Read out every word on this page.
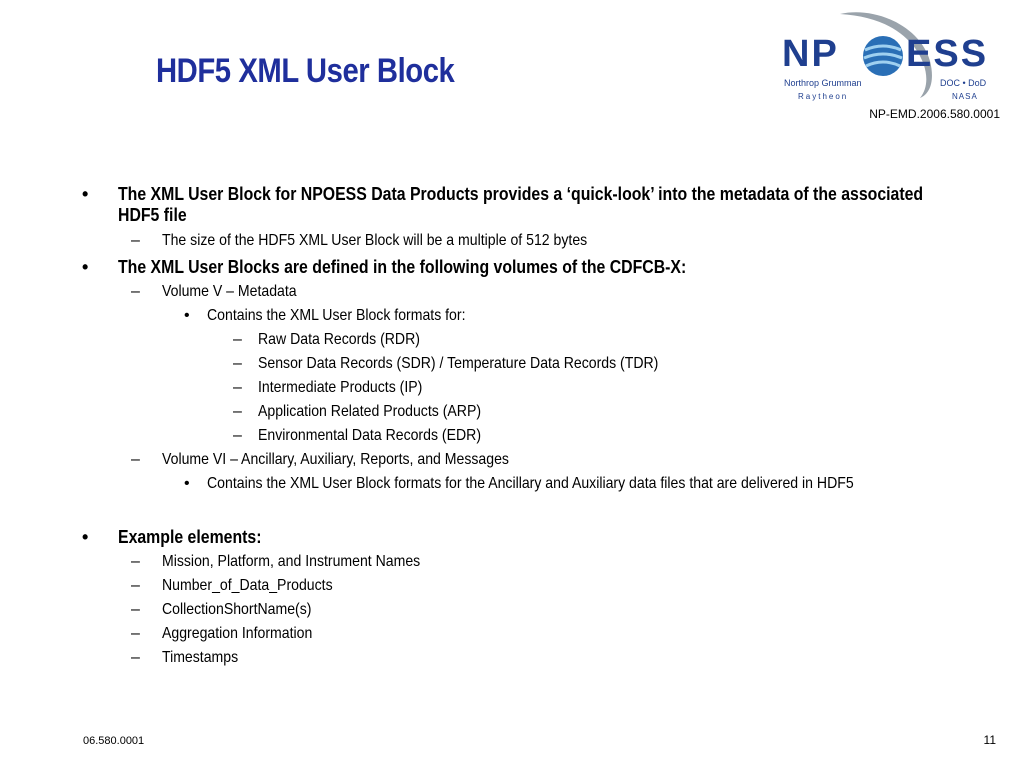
HDF5 XML User Block	NP ESS
Northrop Grumman
Raytheon
DOC • DoD
NASA
NP-EMD.2006.580.0001
• The XML User Block for NPOESS Data Products provides a ‘quick-look’ into the metadata of the associated HDF5 file
– The size of the HDF5 XML User Block will be a multiple of 512 bytes
• The XML User Blocks are defined in the following volumes of the CDFCB-X:
– Volume V – Metadata
• Contains the XML User Block formats for:
– Raw Data Records (RDR)
– Sensor Data Records (SDR) / Temperature Data Records (TDR)
– Intermediate Products (IP)
– Application Related Products (ARP)
– Environmental Data Records (EDR)
– Volume VI – Ancillary, Auxiliary, Reports, and Messages
• Contains the XML User Block formats for the Ancillary and Auxiliary data files that are delivered in HDF5
• Example elements:
– Mission, Platform, and Instrument Names
– Number_of_Data_Products
– CollectionShortName(s)
– Aggregation Information
– Timestamps
06.580.0001	11
